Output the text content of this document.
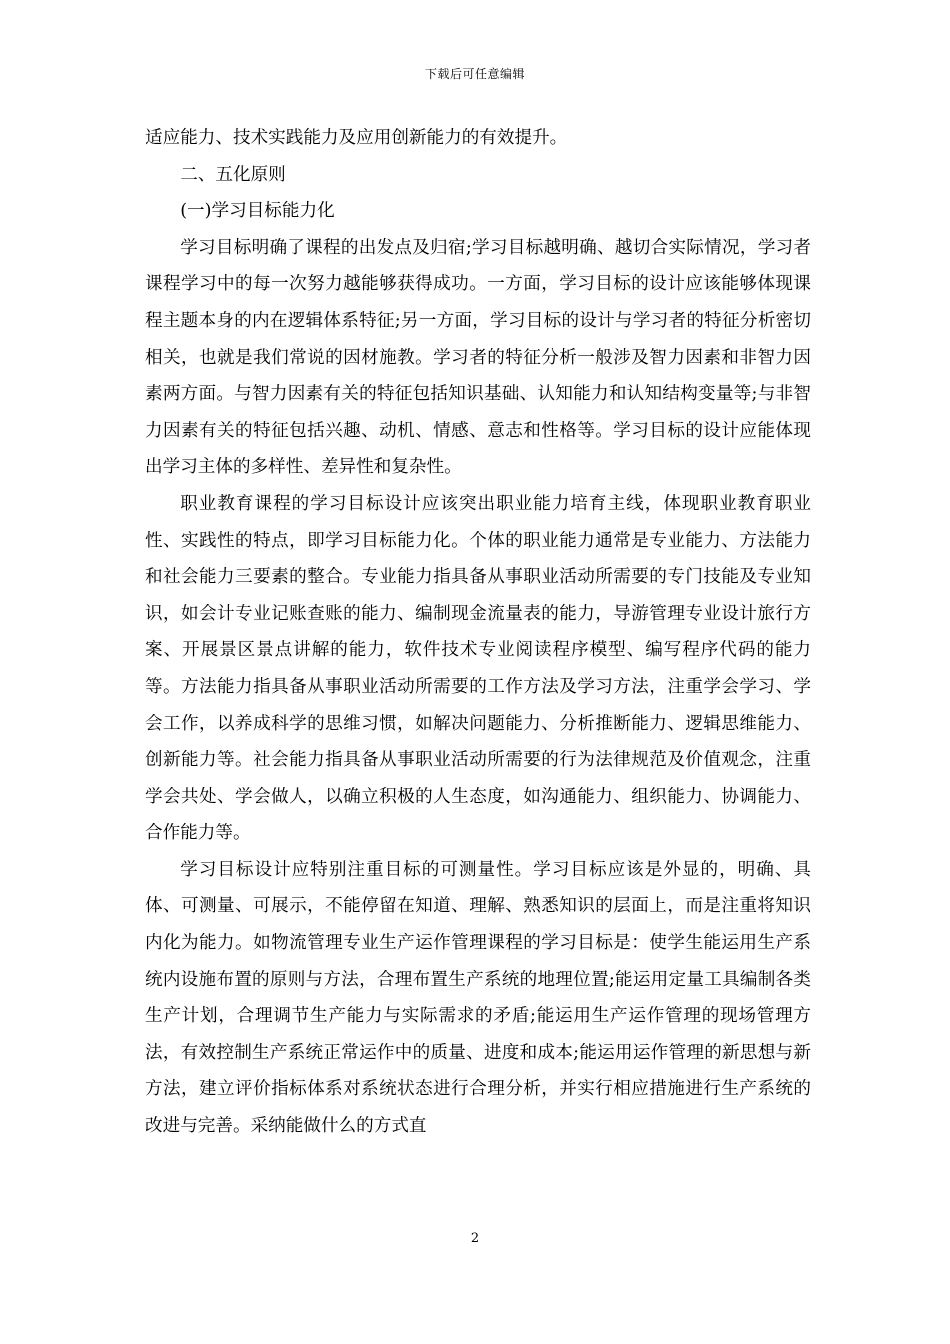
下载后可任意编辑

适应能力、技术实践能力及应用创新能力的有效提升。

二、五化原则

(一)学习目标能力化

学习目标明确了课程的出发点及归宿;学习目标越明确、越切合实际情况，学习者课程学习中的每一次努力越能够获得成功。一方面，学习目标的设计应该能够体现课程主题本身的内在逻辑体系特征;另一方面，学习目标的设计与学习者的特征分析密切相关，也就是我们常说的因材施教。学习者的特征分析一般涉及智力因素和非智力因素两方面。与智力因素有关的特征包括知识基础、认知能力和认知结构变量等;与非智力因素有关的特征包括兴趣、动机、情感、意志和性格等。学习目标的设计应能体现出学习主体的多样性、差异性和复杂性。

职业教育课程的学习目标设计应该突出职业能力培育主线，体现职业教育职业性、实践性的特点，即学习目标能力化。个体的职业能力通常是专业能力、方法能力和社会能力三要素的整合。专业能力指具备从事职业活动所需要的专门技能及专业知识，如会计专业记账查账的能力、编制现金流量表的能力，导游管理专业设计旅行方案、开展景区景点讲解的能力，软件技术专业阅读程序模型、编写程序代码的能力等。方法能力指具备从事职业活动所需要的工作方法及学习方法，注重学会学习、学会工作，以养成科学的思维习惯，如解决问题能力、分析推断能力、逻辑思维能力、创新能力等。社会能力指具备从事职业活动所需要的行为法律规范及价值观念，注重学会共处、学会做人，以确立积极的人生态度，如沟通能力、组织能力、协调能力、合作能力等。

学习目标设计应特别注重目标的可测量性。学习目标应该是外显的，明确、具体、可测量、可展示，不能停留在知道、理解、熟悉知识的层面上，而是注重将知识内化为能力。如物流管理专业生产运作管理课程的学习目标是：使学生能运用生产系统内设施布置的原则与方法，合理布置生产系统的地理位置;能运用定量工具编制各类生产计划，合理调节生产能力与实际需求的矛盾;能运用生产运作管理的现场管理方法，有效控制生产系统正常运作中的质量、进度和成本;能运用运作管理的新思想与新方法，建立评价指标体系对系统状态进行合理分析，并实行相应措施进行生产系统的改进与完善。采纳能做什么的方式直

2
